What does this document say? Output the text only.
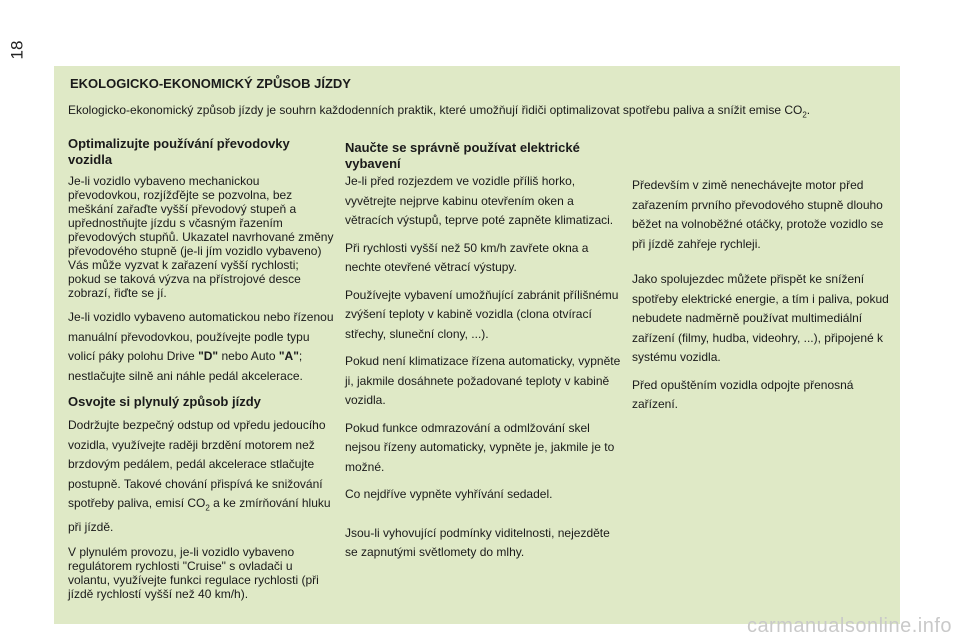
18
EKOLOGICKO-EKONOMICKÝ ZPŮSOB JÍZDY

Ekologicko-ekonomický způsob jízdy je souhrn každodenních praktik, které umožňují řidiči optimalizovat spotřebu paliva a snížit emise $CO_2$.

Optimalizujte používání převodovky vozidla

Je-li vozidlo vybaveno mechanickou převodovkou, rozjížďějte se pozvolna, bez meškání zařaďte vyšší převodový stupeň a upřednostňujte jízdu s včasným řazením převodových stupňů. Ukazatel navrhované změny převodového stupně (je-li jím vozidlo vybaveno) Vás může vyzvat k zařazení vyšší rychlosti; pokud se taková výzva na přístrojové desce zobrazí, řiďte se jí.

Je-li vozidlo vybaveno automatickou nebo řízenou manuální převodovkou, používejte podle typu volicí páky polohu Drive "D" nebo Auto "A"; nestlačujte silně ani náhle pedál akcelerace.

Osvojte si plynulý způsob jízdy

Dodržujte bezpečný odstup od vpředu jedoucího vozidla, využívejte raději brzdění motorem než brzdovým pedálem, pedál akcelerace stlačujte postupně. Takové chování přispívá ke snižování spotřeby paliva, emisí $CO_2$ a ke zmírňování hluku při jízdě.

V plynulém provozu, je-li vozidlo vybaveno regulátorem rychlosti "Cruise" s ovladači u volantu, využívejte funkci regulace rychlosti (při jízdě rychlostí vyšší než 40 km/h).

Naučte se správně používat elektrické vybavení

Je-li před rozjezdem ve vozidle příliš horko, vyvětrejte nejprve kabinu otevřením oken a větracích výstupů, teprve poté zapněte klimatizaci.

Při rychlosti vyšší než 50 km/h zavřete okna a nechte otevřené větrací výstupy.

Používejte vybavení umožňující zabránit přílišnému zvýšení teploty v kabině vozidla (clona otvírací střechy, sluneční clony, ...).

Pokud není klimatizace řízena automaticky, vypněte ji, jakmile dosáhnete požadované teploty v kabině vozidla.

Pokud funkce odmrazování a odmlžování skel nejsou řízeny automaticky, vypněte je, jakmile je to možné.

Co nejdříve vypněte vyhřívání sedadel.

Jsou-li vyhovující podmínky viditelnosti, nejezděte se zapnutými světlomety do mlhy.

Především v zimě nenechávejte motor před zařazením prvního převodového stupně dlouho běžet na volnoběžné otáčky, protože vozidlo se při jízdě zahřeje rychleji.

Jako spolujezdec můžete přispět ke snížení spotřeby elektrické energie, a tím i paliva, pokud nebudete nadměrně používat multimediální zařízení (filmy, hudba, videohry, ...), připojené k systému vozidla.

Před opuštěním vozidla odpojte přenosná zařízení.

carmanualsonline.info
